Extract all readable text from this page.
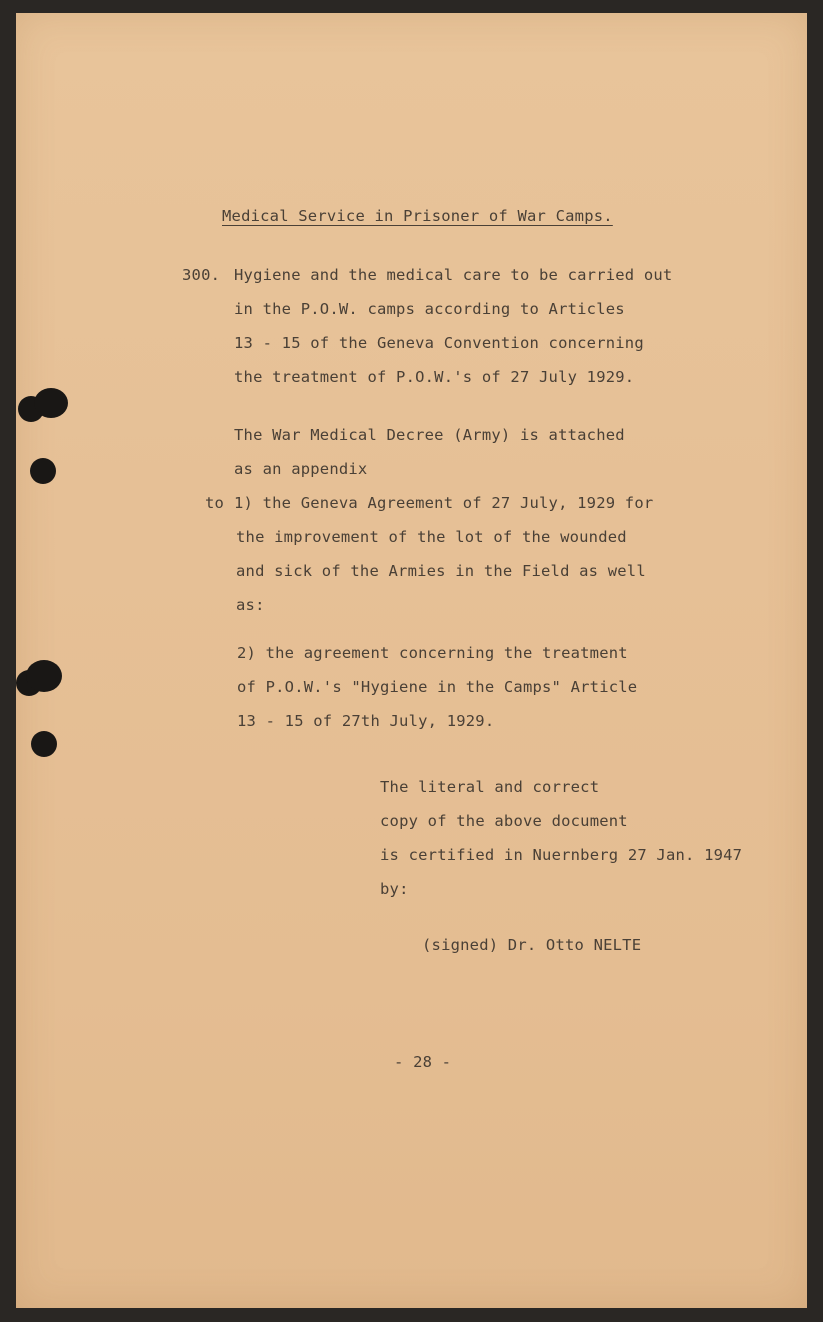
Medical Service in Prisoner of War Camps.

300. Hygiene and the medical care to be carried out

in the P.O.W. camps according to Articles

13 - 15 of the Geneva Convention concerning

the treatment of P.O.W.'s of 27 July 1929.

The War Medical Decree (Army) is attached

as an appendix

to 1) the Geneva Agreement of 27 July, 1929 for

the improvement of the lot of the wounded

and sick of the Armies in the Field as well

as:

2) the agreement concerning the treatment

of P.O.W.'s "Hygiene in the Camps" Article

13 - 15 of 27th July, 1929.

The literal and correct

copy of the above document

is certified in Nuernberg 27 Jan. 1947

by:

(signed) Dr. Otto NELTE

- 28 -
